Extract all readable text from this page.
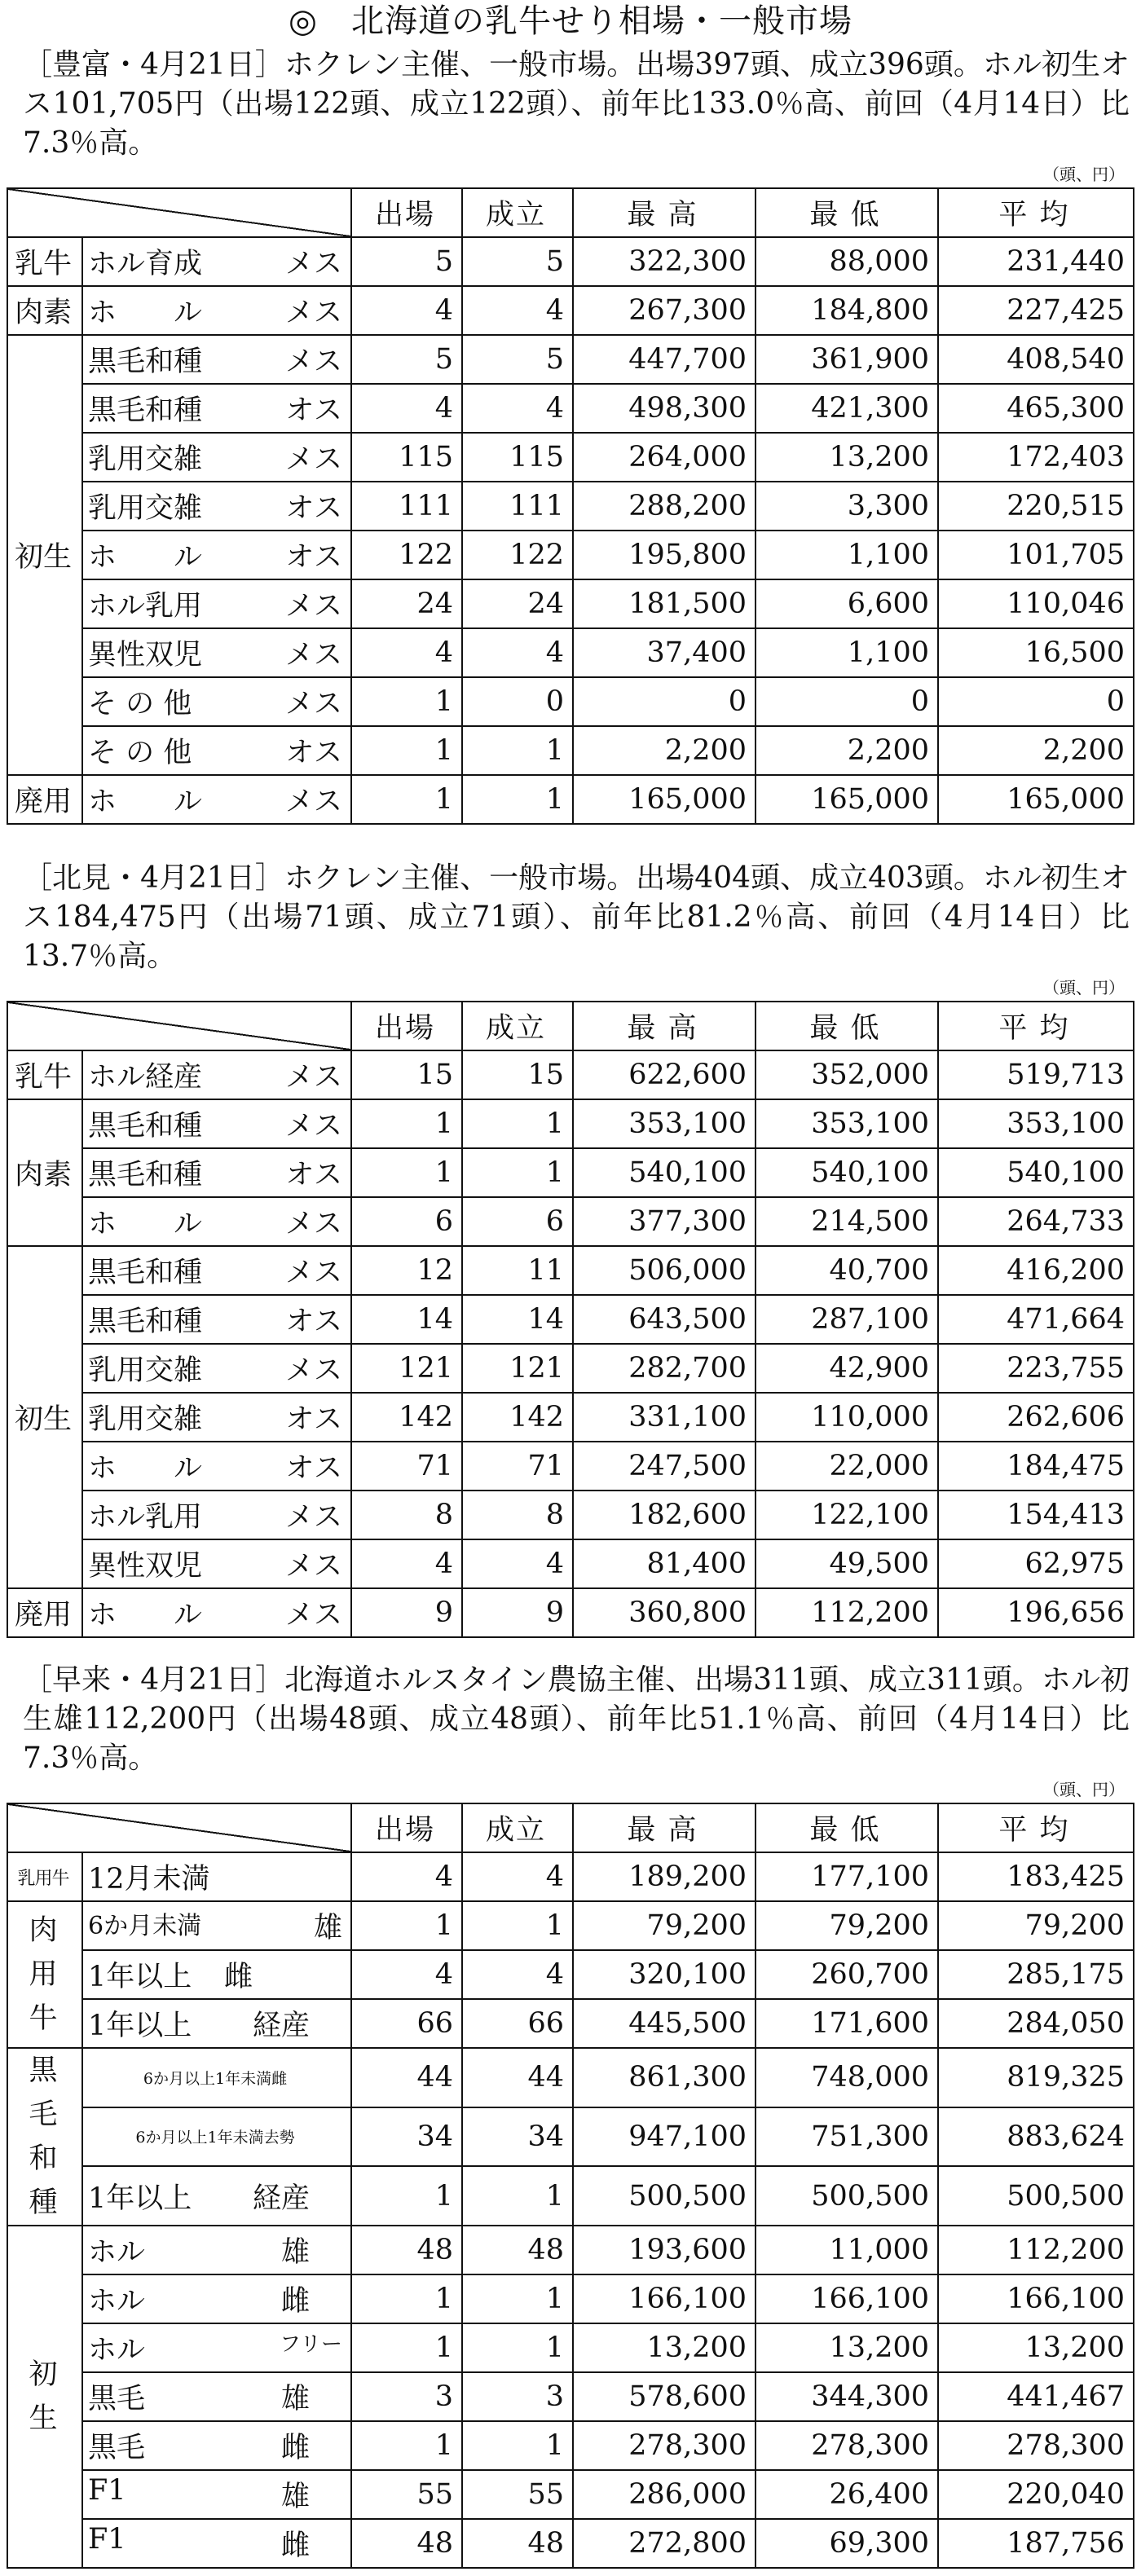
◎　北海道の乳牛せり相場・一般市場

［豊富・4月21日］ホクレン主催、一般市場。出場397頭、成立396頭。ホル初生オス101,705円（出場122頭、成立122頭）、前年比133.0％高、前回（4月14日）比7.3％高。

（頭、円）
		出場	成立	最 高	最 低	平 均
乳牛	ホル育成 メス	5	5	322,300	88,000	231,440
肉素	ホ　　ル メス	4	4	267,300	184,800	227,425
初生	黒毛和種 メス	5	5	447,700	361,900	408,540

	黒毛和種 オス	4	4	498,300	421,300	465,300

	乳用交雑 メス	115	115	264,000	13,200	172,403

	乳用交雑 オス	111	111	288,200	3,300	220,515

	ホ　　ル オス	122	122	195,800	1,100	101,705

	ホル乳用 メス	24	24	181,500	6,600	110,046

	異性双児 メス	4	4	37,400	1,100	16,500

	そ の 他 メス	1	0	0	0	0

	そ の 他 オス	1	1	2,200	2,200	2,200
廃用	ホ　　ル メス	1	1	165,000	165,000	165,000

［北見・4月21日］ホクレン主催、一般市場。出場404頭、成立403頭。ホル初生オス184,475円（出場71頭、成立71頭）、前年比81.2％高、前回（4月14日）比13.7％高。

（頭、円）
		出場	成立	最 高	最 低	平 均
乳牛	ホル経産 メス	15	15	622,600	352,000	519,713
肉素	黒毛和種 メス	1	1	353,100	353,100	353,100

	黒毛和種 オス	1	1	540,100	540,100	540,100

	ホ　　ル メス	6	6	377,300	214,500	264,733
初生	黒毛和種 メス	12	11	506,000	40,700	416,200

	黒毛和種 オス	14	14	643,500	287,100	471,664

	乳用交雑 メス	121	121	282,700	42,900	223,755

	乳用交雑 オス	142	142	331,100	110,000	262,606

	ホ　　ル オス	71	71	247,500	22,000	184,475

	ホル乳用 メス	8	8	182,600	122,100	154,413

	異性双児 メス	4	4	81,400	49,500	62,975
廃用	ホ　　ル メス	9	9	360,800	112,200	196,656

［早来・4月21日］北海道ホルスタイン農協主催、出場311頭、成立311頭。ホル初生雄112,200円（出場48頭、成立48頭）、前年比51.1％高、前回（4月14日）比7.3％高。

（頭、円）
		出場	成立	最 高	最 低	平 均
乳用牛	12月未満	4	4	189,200	177,100	183,425
肉
用
牛	6か月未満 雄	1	1	79,200	79,200	79,200

	1年以上 雌	4	4	320,100	260,700	285,175

	1年以上 経産	66	66	445,500	171,600	284,050
黒
毛
和
種	6か月以上1年未満雌	44	44	861,300	748,000	819,325
	6か月以上1年未満去勢	34	34	947,100	751,300	883,624

	1年以上 経産	1	1	500,500	500,500	500,500
初
生	ホル 雄	48	48	193,600	11,000	112,200

	ホル 雌	1	1	166,100	166,100	166,100

	ホル フリー	1	1	13,200	13,200	13,200

	黒毛 雄	3	3	578,600	344,300	441,467

	黒毛 雌	1	1	278,300	278,300	278,300

	F1 雄	55	55	286,000	26,400	220,040

	F1 雌	48	48	272,800	69,300	187,756
